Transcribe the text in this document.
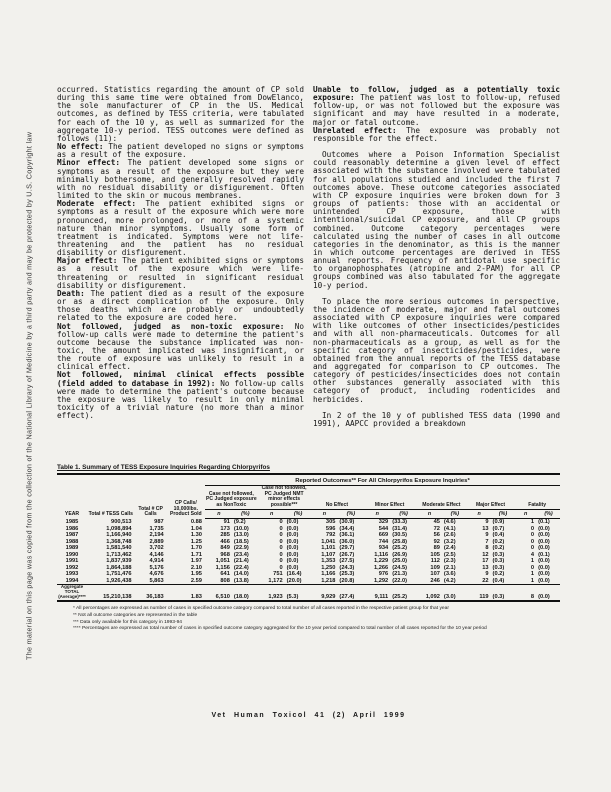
The material on this page was copied from the collection of the National Library of Medicine by a third party and may be protected by U.S. Copyright law

occurred. Statistics regarding the amount of CP sold during this same time were obtained from DowElanco, the sole manufacturer of CP in the US. Medical outcomes, as defined by TESS criteria, were tabulated for each of the 10 y, as well as summarized for the aggregate 10-y period. TESS outcomes were defined as follows (11):

No effect: The patient developed no signs or symptoms as a result of the exposure.

Minor effect: The patient developed some signs or symptoms as a result of the exposure but they were minimally bothersome, and generally resolved rapidly with no residual disability or disfigurement. Often limited to the skin or mucous membranes.

Moderate effect: The patient exhibited signs or symptoms as a result of the exposure which were more pronounced, more prolonged, or more of a systemic nature than minor symptoms. Usually some form of treatment is indicated. Symptoms were not life-threatening and the patient has no residual disability or disfigurement.

Major effect: The patient exhibited signs or symptoms as a result of the exposure which were life-threatening or resulted in significant residual disability or disfigurement.

Death: The patient died as a result of the exposure or as a direct complication of the exposure. Only those deaths which are probably or undoubtedly related to the exposure are coded here.

Not followed, judged as non-toxic exposure: No follow-up calls were made to determine the patient's outcome because the substance implicated was non-toxic, the amount implicated was insignificant, or the route of exposure was unlikely to result in a clinical effect.

Not followed, minimal clinical effects possible (field added to database in 1992): No follow-up calls were made to determine the patient's outcome because the exposure was likely to result in only minimal toxicity of a trivial nature (no more than a minor effect).

Unable to follow, judged as a potentially toxic exposure: The patient was lost to follow-up, refused follow-up, or was not followed but the exposure was significant and may have resulted in a moderate, major or fatal outcome.

Unrelated effect: The exposure was probably not responsible for the effect.

Outcomes where a Poison Information Specialist could reasonably determine a given level of effect associated with the substance involved were tabulated for all populations studied and included the first 7 outcomes above. These outcome categories associated with CP exposure inquiries were broken down for 3 groups of patients: those with an accidental or unintended CP exposure, those with intentional/suicidal CP exposure, and all CP groups combined. Outcome category percentages were calculated using the number of cases in all outcome categories in the denominator, as this is the manner in which outcome percentages are derived in TESS annual reports. Frequency of antidotal use specific to organophosphates (atropine and 2-PAM) for all CP groups combined was also tabulated for the aggregate 10-y period.

To place the more serious outcomes in perspective, the incidence of moderate, major and fatal outcomes associated with CP exposure inquiries were compared with like outcomes of other insecticides/pesticides and with all non-pharmaceuticals. Outcomes for all non-pharmaceuticals as a group, as well as for the specific category of insecticides/pesticides, were obtained from the annual reports of the TESS database and aggregated for comparison to CP outcomes. The category of pesticides/insecticides does not contain other substances generally associated with this category of product, including rodenticides and herbicides.

In 2 of the 10 y of published TESS data (1990 and 1991), AAPCC provided a breakdown

Table 1. Summary of TESS Exposure Inquiries Regarding Chlorpyrifos
				Reported Outcomes** For All Chlorpyrifos Exposure Inquiries*													
YEAR	Total # TESS Calls	Total # CP Calls	CP Calls/ 10,000lbs. Product Sold	Case not followed, PC Judged exposure as NonToxic		Case not followed, PC Judged NMT minor effects possible***		No Effect		Minor Effect		Moderate Effect		Major Effect		Fatality	
				n	(%)	n	(%)	n	(%)	n	(%)	n	(%)	n	(%)	n	(%)
1985	900,513	987	0.88	91	(9.2)	0	(0.0)	305	(30.9)	329	(33.3)	45	(4.6)	9	(0.9)	1	(0.1)
1986	1,098,894	1,735	1.04	173	(10.0)	0	(0.0)	596	(34.4)	544	(31.4)	72	(4.1)	13	(0.7)	0	(0.0)
1987	1,166,940	2,194	1.30	285	(13.0)	0	(0.0)	792	(36.1)	669	(30.5)	56	(2.6)	9	(0.4)	0	(0.0)
1988	1,368,748	2,889	1.25	466	(18.5)	0	(0.0)	1,041	(36.0)	744	(25.8)	92	(3.2)	7	(0.2)	0	(0.0)
1989	1,581,540	3,702	1.70	849	(22.9)	0	(0.0)	1,101	(29.7)	934	(25.2)	89	(2.4)	8	(0.2)	0	(0.0)
1990	1,713,462	4,146	1.71	968	(23.4)	0	(0.0)	1,107	(26.7)	1,116	(26.9)	105	(2.5)	12	(0.3)	4	(0.1)
1991	1,837,939	4,914	1.97	1,051	(21.4)	0	(0.0)	1,353	(27.5)	1,229	(25.0)	112	(2.3)	17	(0.3)	1	(0.0)
1992	1,864,188	5,176	2.10	1,156	(22.4)	0	(0.0)	1,250	(24.3)	1,266	(24.5)	109	(2.1)	13	(0.3)	0	(0.0)
1993	1,751,476	4,676	1.95	641	(14.0)	751	(16.4)	1,166	(25.3)	976	(21.3)	107	(3.6)	9	(0.2)	1	(0.0)
1994	1,926,438	5,863	2.59	808	(13.8)	1,172	(20.0)	1,218	(20.8)	1,292	(22.0)	246	(4.2)	22	(0.4)	1	(0.0)
Aggregate TOTAL (Average)****	15,210,138	36,183	1.83	6,510	(18.0)	1,923	(5.3)	9,929	(27.4)	9,111	(25.2)	1,092	(3.0)	119	(0.3)	8	(0.0)

* All percentages are expressed as number of cases in specified outcome category compared to total number of all cases reported in the respective patient group for that year

** Not all outcome categories are represented in the table

*** Data only available for this category in 1993-94

**** Percentages are expressed as total number of cases in specified outcome category aggregated for the 10 year period compared to total number of all cases reported for the 10 year period

Vet Human Toxicol 41 (2) April 1999
